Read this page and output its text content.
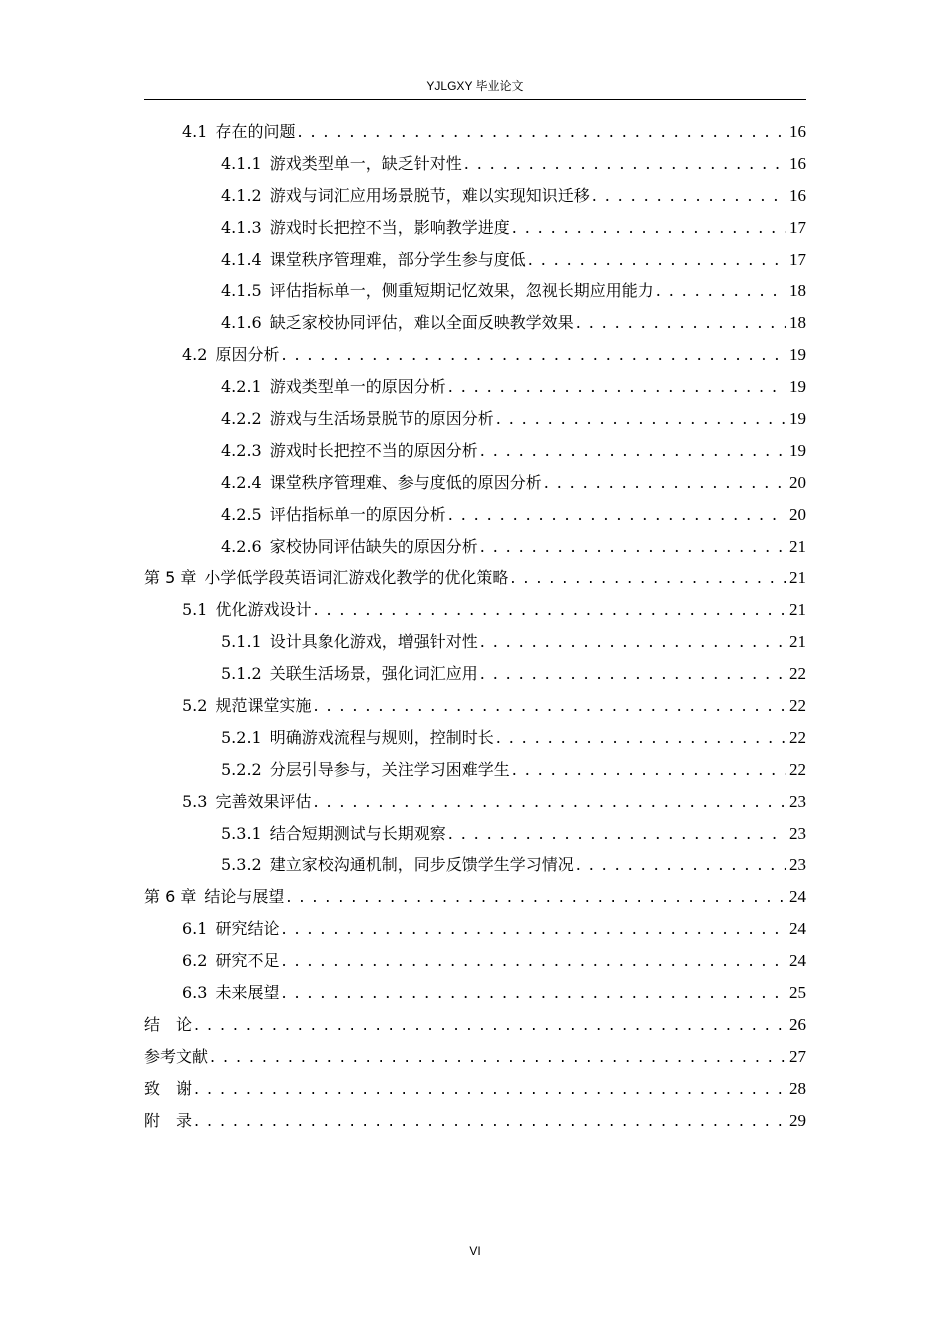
YJLGXY 毕业论文
4.1 存在的问题 . . .	16
4.1.1 游戏类型单一，缺乏针对性 . . .	16
4.1.2 游戏与词汇应用场景脱节，难以实现知识迁移 . . .	16
4.1.3 游戏时长把控不当，影响教学进度 . . .	17
4.1.4 课堂秩序管理难，部分学生参与度低 . . .	17
4.1.5 评估指标单一，侧重短期记忆效果，忽视长期应用能力 . . .	18
4.1.6 缺乏家校协同评估，难以全面反映教学效果 . . .	18
4.2 原因分析 . . .	19
4.2.1 游戏类型单一的原因分析 . . .	19
4.2.2 游戏与生活场景脱节的原因分析 . . .	19
4.2.3 游戏时长把控不当的原因分析 . . .	19
4.2.4 课堂秩序管理难、参与度低的原因分析 . . .	20
4.2.5 评估指标单一的原因分析 . . .	20
4.2.6 家校协同评估缺失的原因分析 . . .	21
第 5 章 小学低学段英语词汇游戏化教学的优化策略 . . .	21
5.1 优化游戏设计 . . .	21
5.1.1 设计具象化游戏，增强针对性 . . .	21
5.1.2 关联生活场景，强化词汇应用 . . .	22
5.2 规范课堂实施 . . .	22
5.2.1 明确游戏流程与规则，控制时长 . . .	22
5.2.2 分层引导参与，关注学习困难学生 . . .	22
5.3 完善效果评估 . . .	23
5.3.1 结合短期测试与长期观察 . . .	23
5.3.2 建立家校沟通机制，同步反馈学生学习情况 . . .	23
第 6 章 结论与展望 . . .	24
6.1 研究结论 . . .	24
6.2 研究不足 . . .	24
6.3 未来展望 . . .	25
结　论 . . .	26
参考文献 . . .	27
致　谢 . . .	28
附　录 . . .	29
VI
